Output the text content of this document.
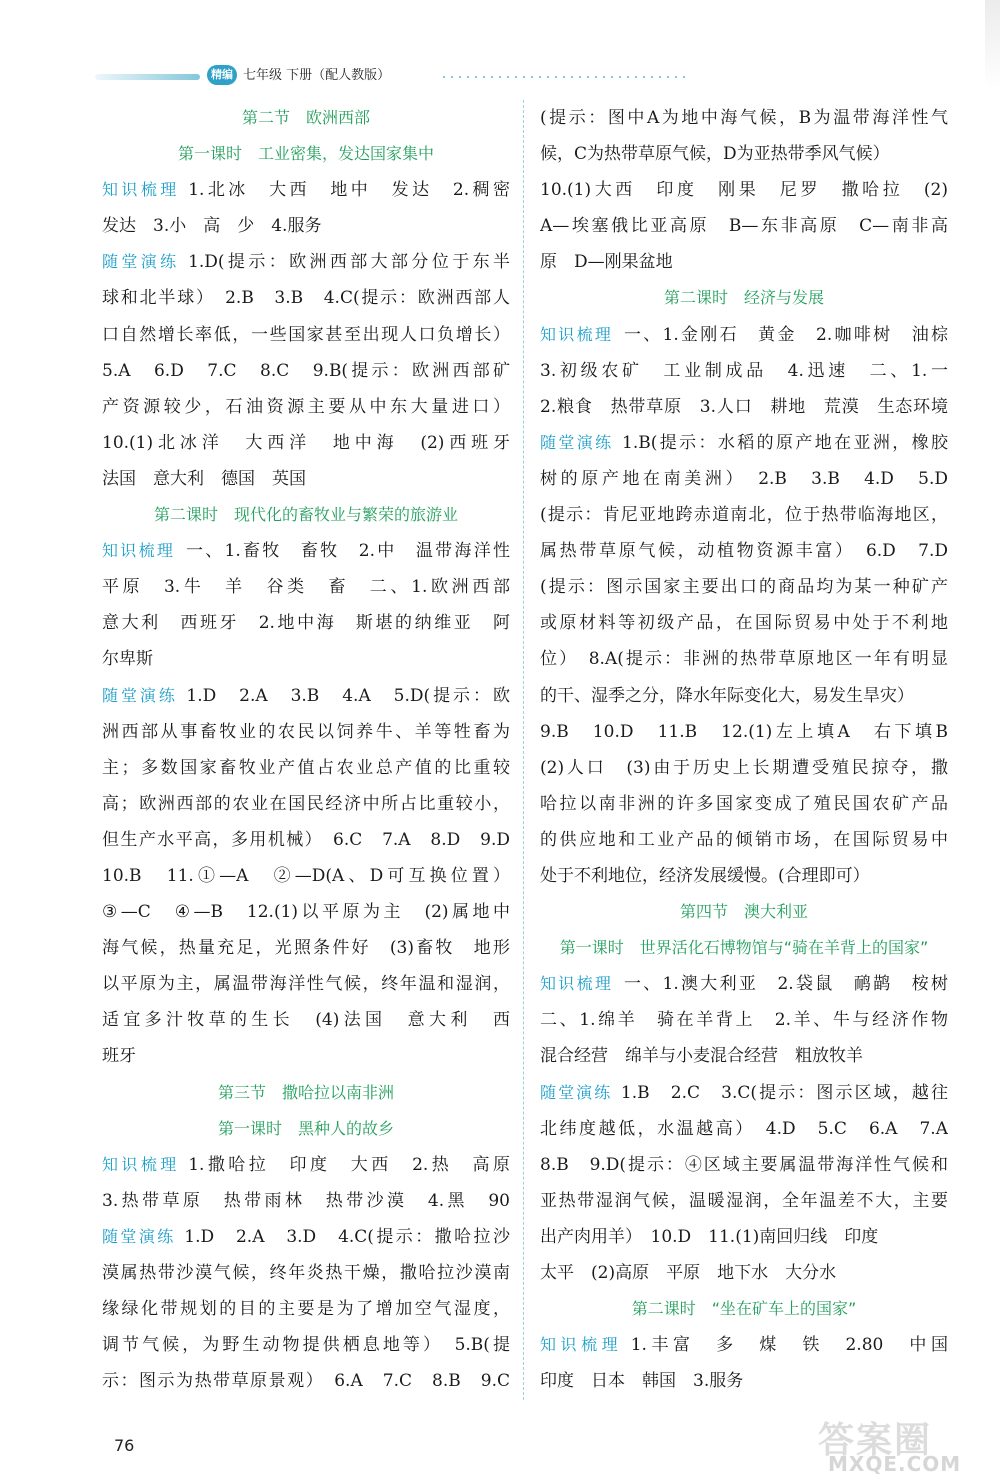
精编 七年级 下册（配人教版）
第二节　欧洲西部
第一课时　工业密集，发达国家集中
知识梳理  1.北冰　大西　地中　发达　2.稠密
发达　3.小　高　少　4.服务
随堂演练  1.D(提示：欧洲西部大部分位于东半
球和北半球）　2.B　3.B　4.C(提示：欧洲西部人
口自然增长率低，一些国家甚至出现人口负增长）
5.A　6.D　7.C　8.C　9.B(提示：欧洲西部矿
产资源较少，石油资源主要从中东大量进口）
10.(1)北冰洋　大西洋　地中海　(2)西班牙
法国　意大利　德国　英国
第二课时　现代化的畜牧业与繁荣的旅游业
知识梳理  一、1.畜牧　畜牧　2.中　温带海洋性
平原　3.牛　羊　谷类　畜　二、1.欧洲西部
意大利　西班牙　2.地中海　斯堪的纳维亚　阿
尔卑斯
随堂演练  1.D　2.A　3.B　4.A　5.D(提示：欧
洲西部从事畜牧业的农民以饲养牛、羊等牲畜为
主；多数国家畜牧业产值占农业总产值的比重较
高；欧洲西部的农业在国民经济中所占比重较小，
但生产水平高，多用机械）　6.C　7.A　8.D　9.D
10.B　11.①—A　②—D(A、D可互换位置）
③—C　④—B　12.(1)以平原为主　(2)属地中
海气候，热量充足，光照条件好　(3)畜牧　地形
以平原为主，属温带海洋性气候，终年温和湿润，
适宜多汁牧草的生长　(4)法国　意大利　西
班牙
第三节　撒哈拉以南非洲
第一课时　黑种人的故乡
知识梳理  1.撒哈拉　印度　大西　2.热　高原
3.热带草原　热带雨林　热带沙漠　4.黑　90
随堂演练  1.D　2.A　3.D　4.C(提示：撒哈拉沙
漠属热带沙漠气候，终年炎热干燥，撒哈拉沙漠南
缘绿化带规划的目的主要是为了增加空气湿度，
调节气候，为野生动物提供栖息地等）　5.B(提
示：图示为热带草原景观）　6.A　7.C　8.B　9.C
(提示：图中A为地中海气候，B为温带海洋性气
候，C为热带草原气候，D为亚热带季风气候）
10.(1)大西　印度　刚果　尼罗　撒哈拉　(2)
A—埃塞俄比亚高原　B—东非高原　C—南非高
原　D—刚果盆地
第二课时　经济与发展
知识梳理  一、1.金刚石　黄金　2.咖啡树　油棕
3.初级农矿　工业制成品　4.迅速　二、1.一
2.粮食　热带草原　3.人口　耕地　荒漠　生态环境
随堂演练  1.B(提示：水稻的原产地在亚洲，橡胶
树的原产地在南美洲）　2.B　3.B　4.D　5.D
(提示：肯尼亚地跨赤道南北，位于热带临海地区，
属热带草原气候，动植物资源丰富）　6.D　7.D
(提示：图示国家主要出口的商品均为某一种矿产
或原材料等初级产品，在国际贸易中处于不利地
位）　8.A(提示：非洲的热带草原地区一年有明显
的干、湿季之分，降水年际变化大，易发生旱灾）
9.B　10.D　11.B　12.(1)左上填A　右下填B
(2)人口　(3)由于历史上长期遭受殖民掠夺，撒
哈拉以南非洲的许多国家变成了殖民国农矿产品
的供应地和工业产品的倾销市场，在国际贸易中
处于不利地位，经济发展缓慢。(合理即可）
第四节　澳大利亚
第一课时　世界活化石博物馆与“骑在羊背上的国家”
知识梳理  一、1.澳大利亚　2.袋鼠　鸸鹋　桉树
二、1.绵羊　骑在羊背上　2.羊、牛与经济作物
混合经营　绵羊与小麦混合经营　粗放牧羊
随堂演练  1.B　2.C　3.C(提示：图示区域，越往
北纬度越低，水温越高）　4.D　5.C　6.A　7.A
8.B　9.D(提示：④区域主要属温带海洋性气候和
亚热带湿润气候，温暖湿润，全年温差不大，主要
出产肉用羊）　10.D　11.(1)南回归线　印度
太平　(2)高原　平原　地下水　大分水
第二课时　“坐在矿车上的国家”
知识梳理  1.丰富　多　煤　铁　2.80　中国
印度　日本　韩国　3.服务
76	答案圈
MXQE.COM
